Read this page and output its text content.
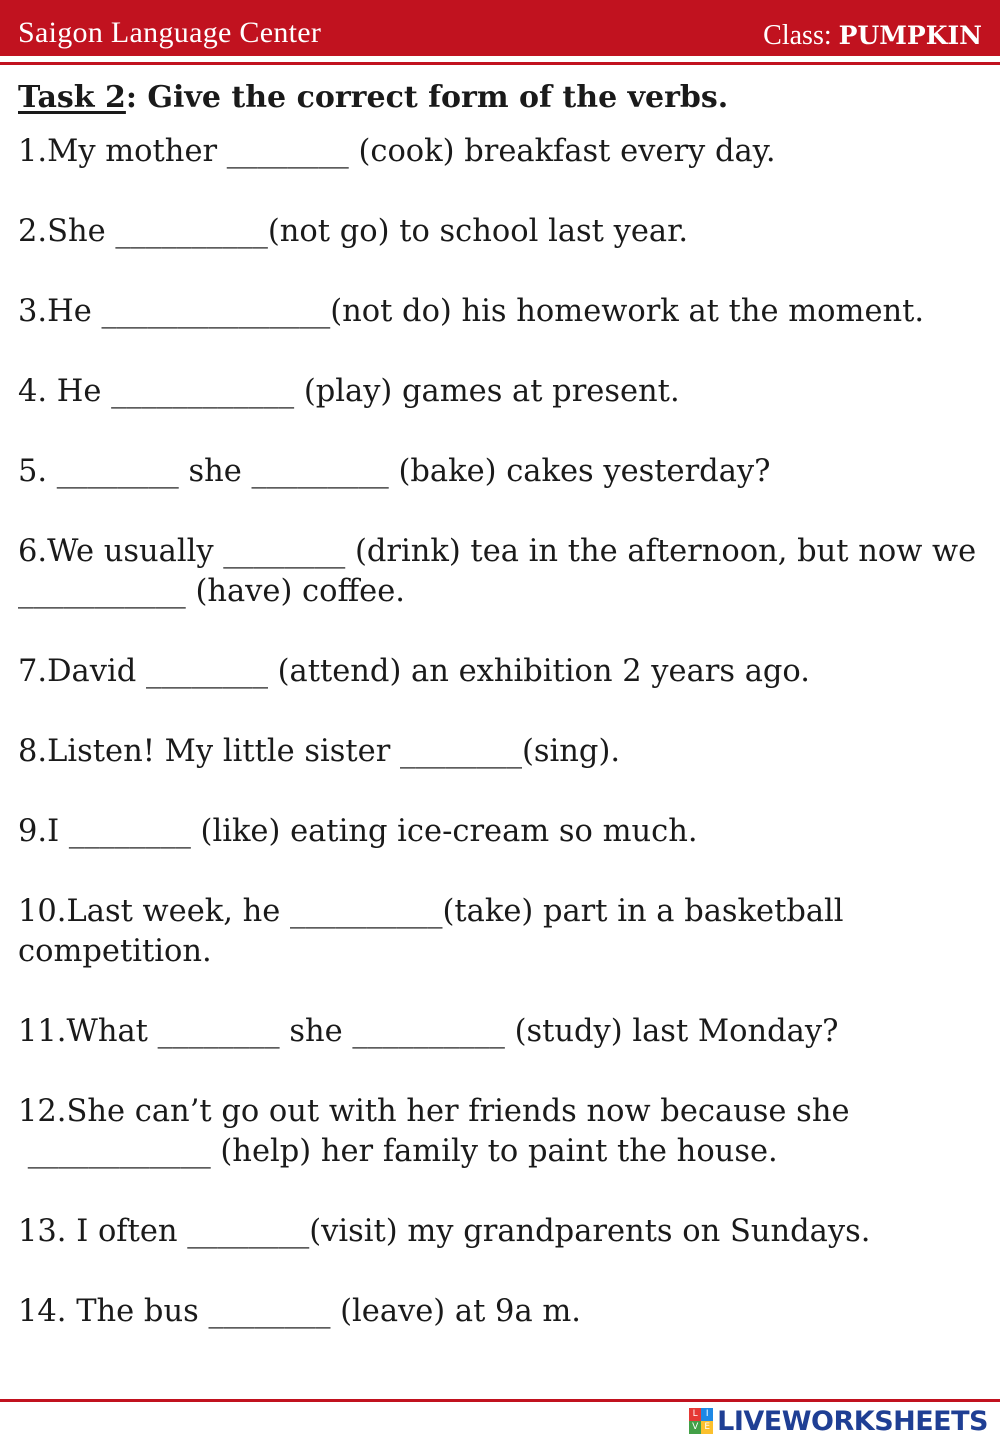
Saigon Language Center	Class: PUMPKIN
Task 2: Give the correct form of the verbs.
1.My mother ________ (cook) breakfast every day.
2.She __________(not go) to school last year.
3.He _______________(not do) his homework at the moment.
4. He ____________ (play) games at present.
5. ________ she _________ (bake) cakes yesterday?
6.We usually ________ (drink) tea in the afternoon, but now we ___________ (have) coffee.
7.David ________ (attend) an exhibition 2 years ago.
8.Listen! My little sister ________(sing).
9.I ________ (like) eating ice-cream so much.
10.Last week, he __________(take) part in a basketball competition.
11.What ________ she __________ (study) last Monday?
12.She can’t go out with her friends now because she
____________ (help) her family to paint the house.
13. I often ________(visit) my grandparents on Sundays.
14. The bus ________ (leave) at 9a m.
L I
V E LIVEWORKSHEETS
